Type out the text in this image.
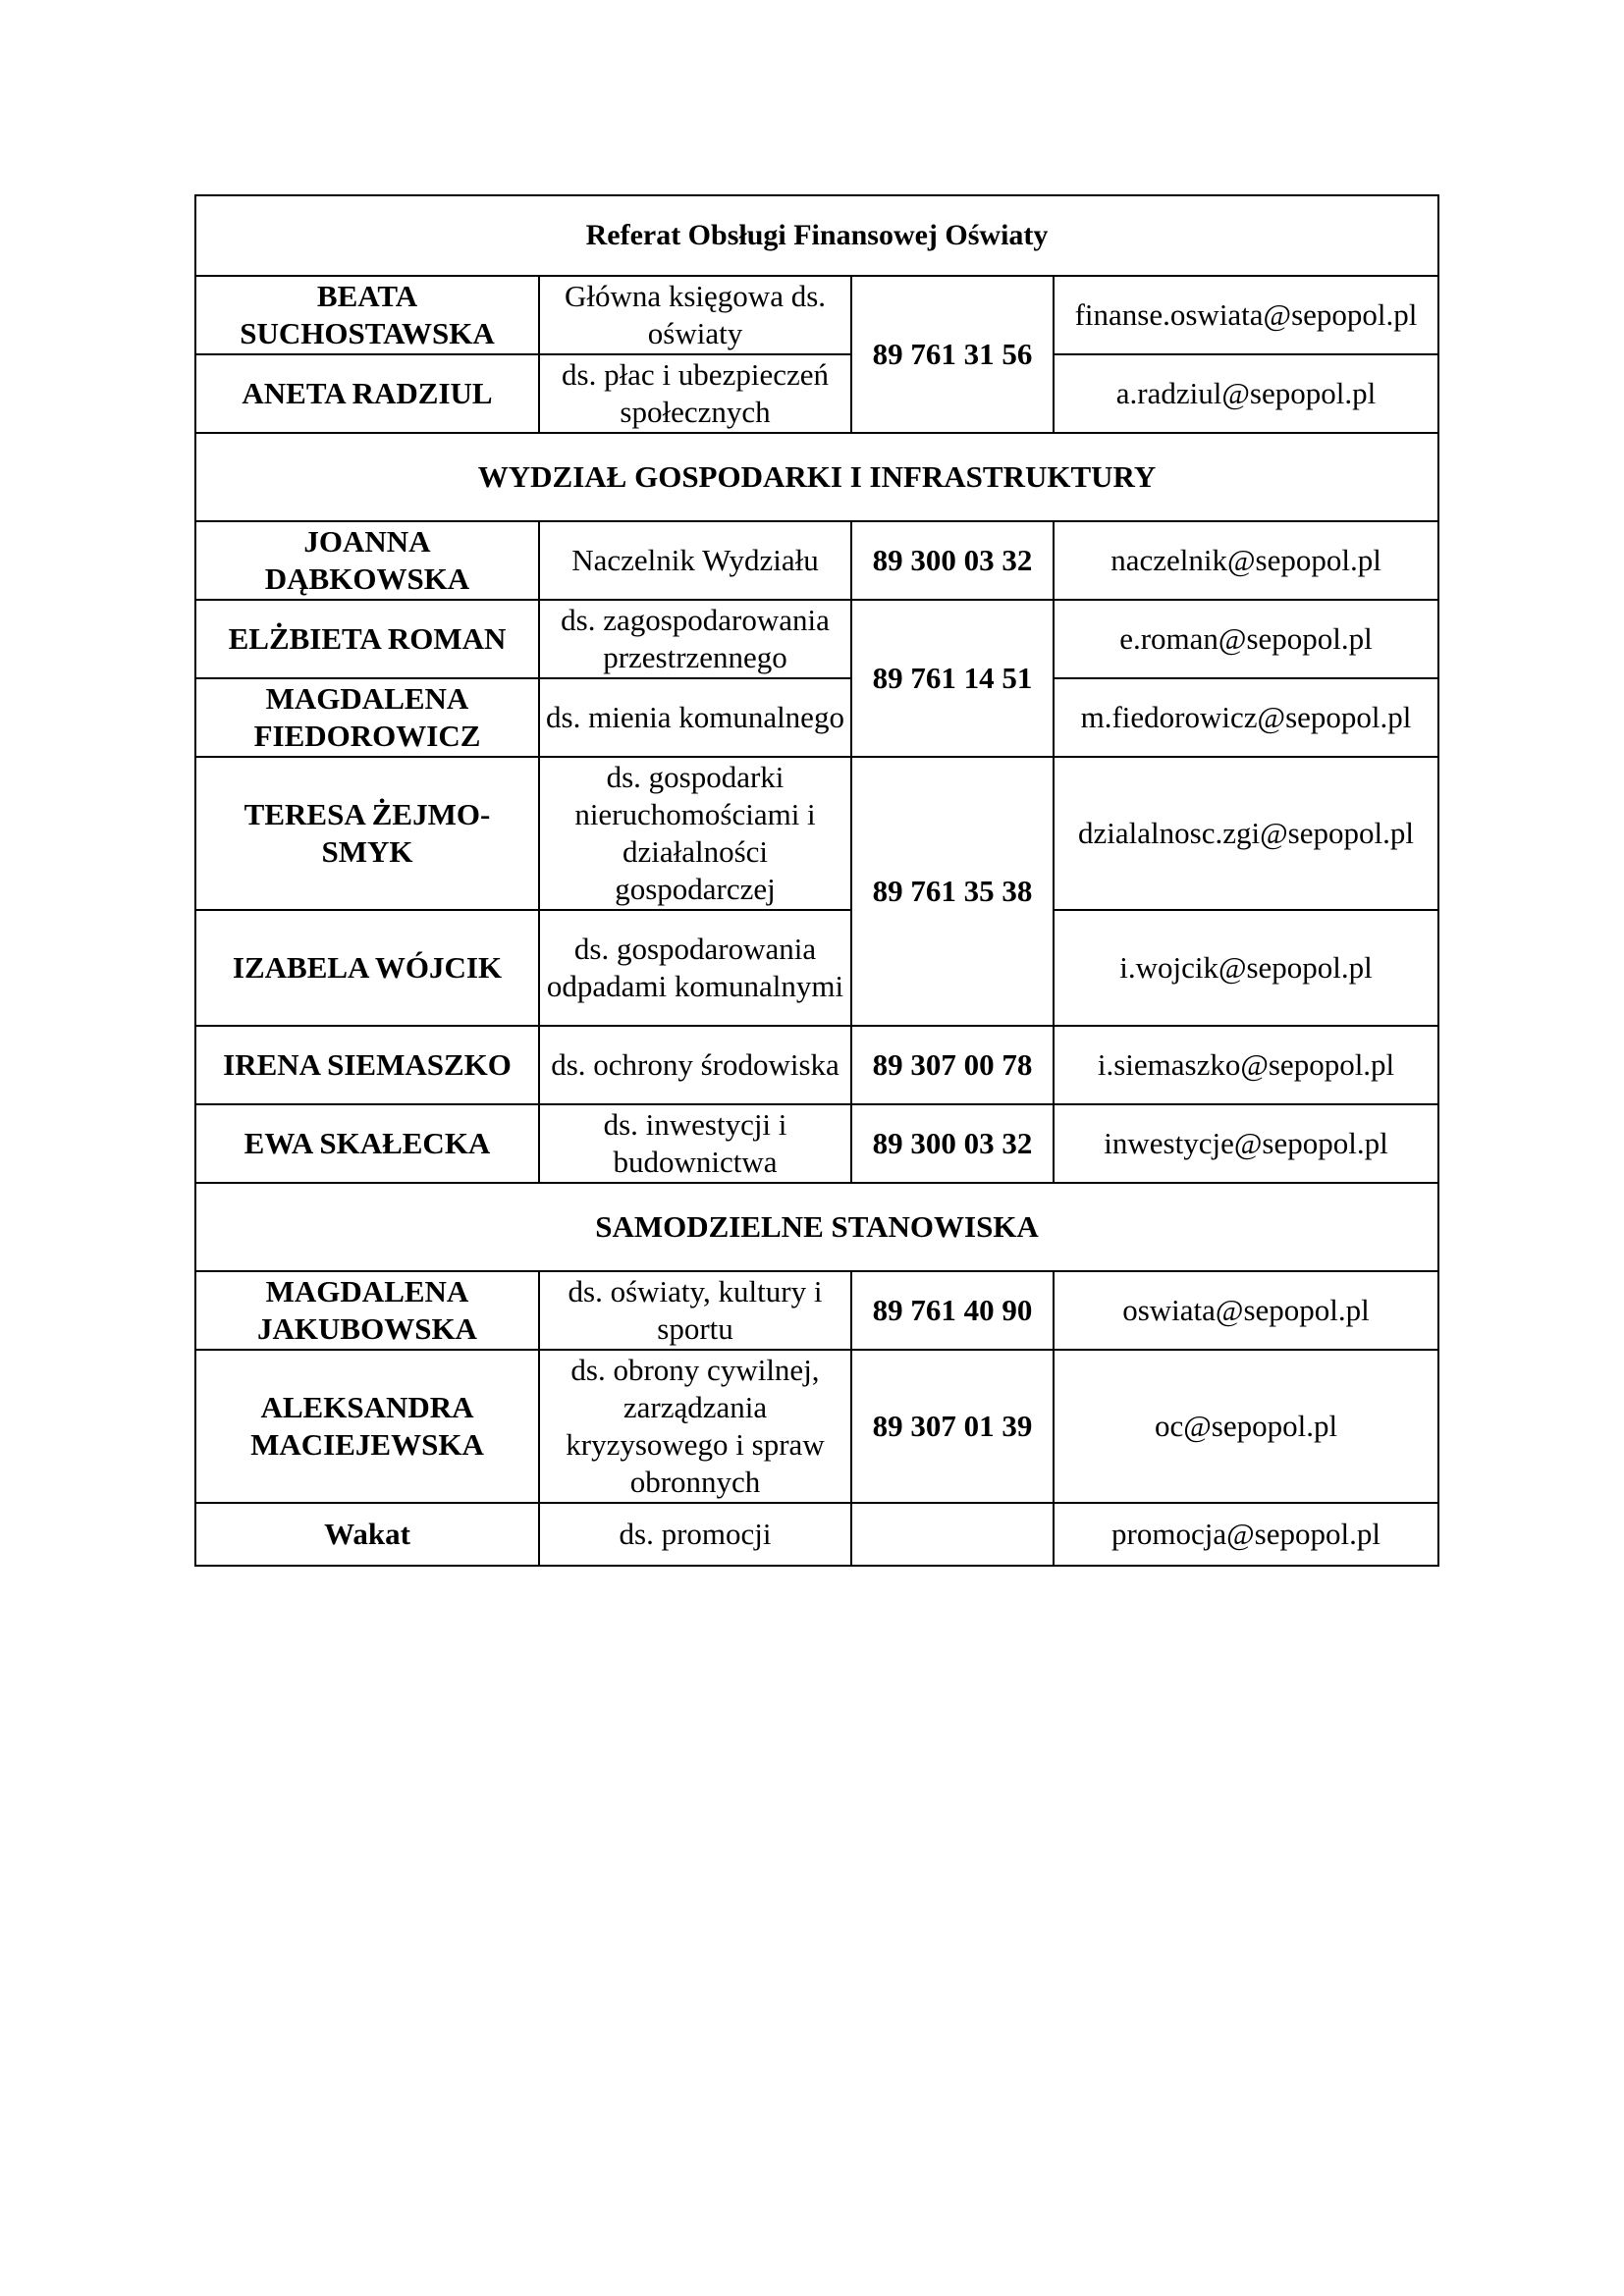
Referat Obsługi Finansowej Oświaty			
BEATA SUCHOSTAWSKA	Główna księgowa ds. oświaty	89 761 31 56	finanse.oswiata@sepopol.pl
ANETA RADZIUL	ds. płac i ubezpieczeń społecznych		a.radziul@sepopol.pl
WYDZIAŁ GOSPODARKI I INFRASTRUKTURY			
JOANNA DĄBKOWSKA	Naczelnik Wydziału	89 300 03 32	naczelnik@sepopol.pl
ELŻBIETA ROMAN	ds. zagospodarowania przestrzennego	89 761 14 51	e.roman@sepopol.pl
MAGDALENA FIEDOROWICZ	ds. mienia komunalnego		m.fiedorowicz@sepopol.pl
TERESA ŻEJMO-SMYK	ds. gospodarki nieruchomościami i działalności gospodarczej	89 761 35 38	dzialalnosc.zgi@sepopol.pl
IZABELA WÓJCIK	ds. gospodarowania odpadami komunalnymi		i.wojcik@sepopol.pl
IRENA SIEMASZKO	ds. ochrony środowiska	89 307 00 78	i.siemaszko@sepopol.pl
EWA SKAŁECKA	ds. inwestycji i budownictwa	89 300 03 32	inwestycje@sepopol.pl
SAMODZIELNE STANOWISKA			
MAGDALENA JAKUBOWSKA	ds. oświaty, kultury i sportu	89 761 40 90	oswiata@sepopol.pl
ALEKSANDRA MACIEJEWSKA	ds. obrony cywilnej, zarządzania kryzysowego i spraw obronnych	89 307 01 39	oc@sepopol.pl
Wakat	ds. promocji		promocja@sepopol.pl
